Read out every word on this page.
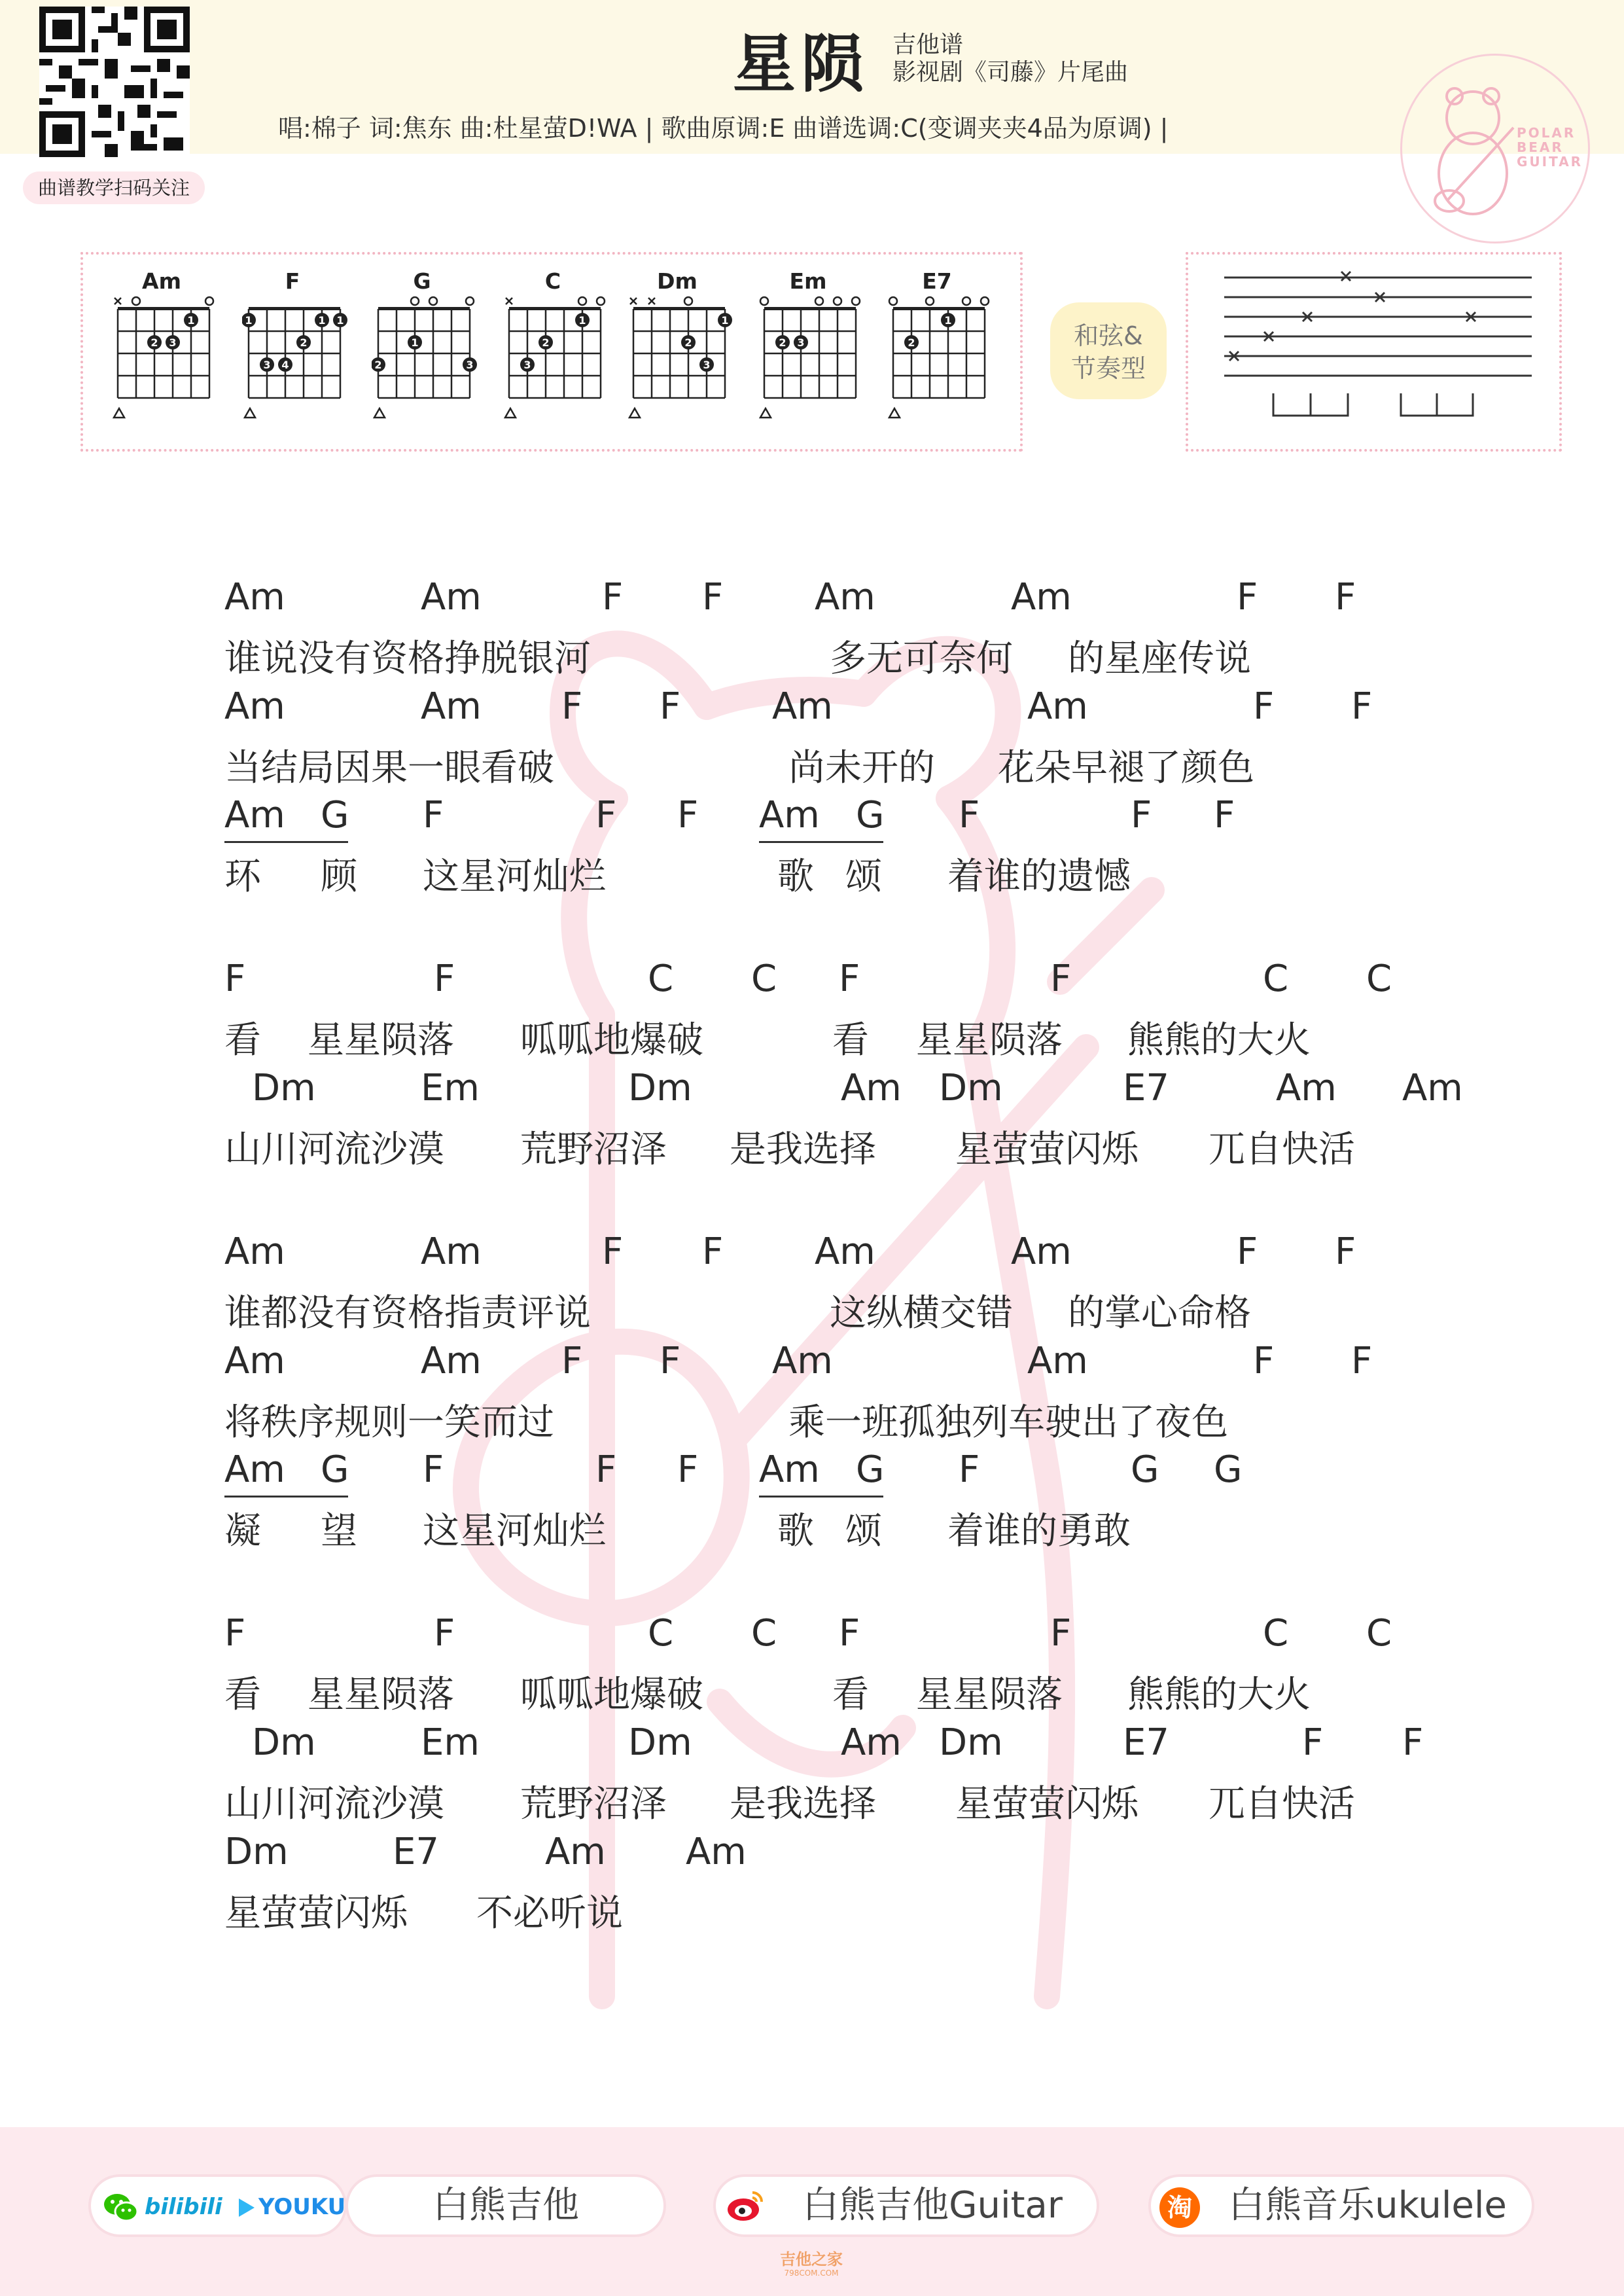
曲谱教学扫码关注
星陨 吉他谱
影视剧《司藤》片尾曲
唱:棉子 词:焦东 曲:杜星萤D!WA | 歌曲原调:E 曲谱选调:C(变调夹夹4品为原调) |	POLAR
BEAR
GUITAR
Am
1
2 3
F
1	1 1
2
3 4
G
1
2	3
C
1
2
3
Dm
1
2
3
Em
2 3
E7
1
2	和弦&
节奏型
Am	Am	F F Am	Am	F F
谁说没有资格挣脱银河	多无可奈何 的星座传说
Am	Am F F Am	Am	F F
当结局因果一眼看破	尚未开的 花朵早褪了颜色
Am G F	F F Am G F	F F
环 顾 这星河灿烂	歌 颂 着谁的遗憾
F	F	C C F	F	C C
看 星星陨落 呱呱地爆破	看 星星陨落 熊熊的大火
Dm	Em	Dm	Am Dm	E7	Am Am
山川河流沙漠 荒野沼泽 是我选择 星萤萤闪烁 兀自快活
Am	Am	F F Am	Am	F F
谁都没有资格指责评说	这纵横交错 的掌心命格
Am	Am F F Am	Am	F F
将秩序规则一笑而过	乘一班孤独列车驶出了夜色
Am G F	F F Am G F	G G
凝 望 这星河灿烂	歌 颂 着谁的勇敢
F	F	C C F	F	C C
看 星星陨落 呱呱地爆破	看 星星陨落 熊熊的大火
Dm	Em	Dm	Am Dm	E7	F F
山川河流沙漠 荒野沼泽 是我选择 星萤萤闪烁 兀自快活
Dm	E7	Am Am
星萤萤闪烁 不必听说
bilibili YOUKU	白熊吉他	白熊吉他Guitar	白熊音乐ukulele
淘
吉他之家
798COM.COM
